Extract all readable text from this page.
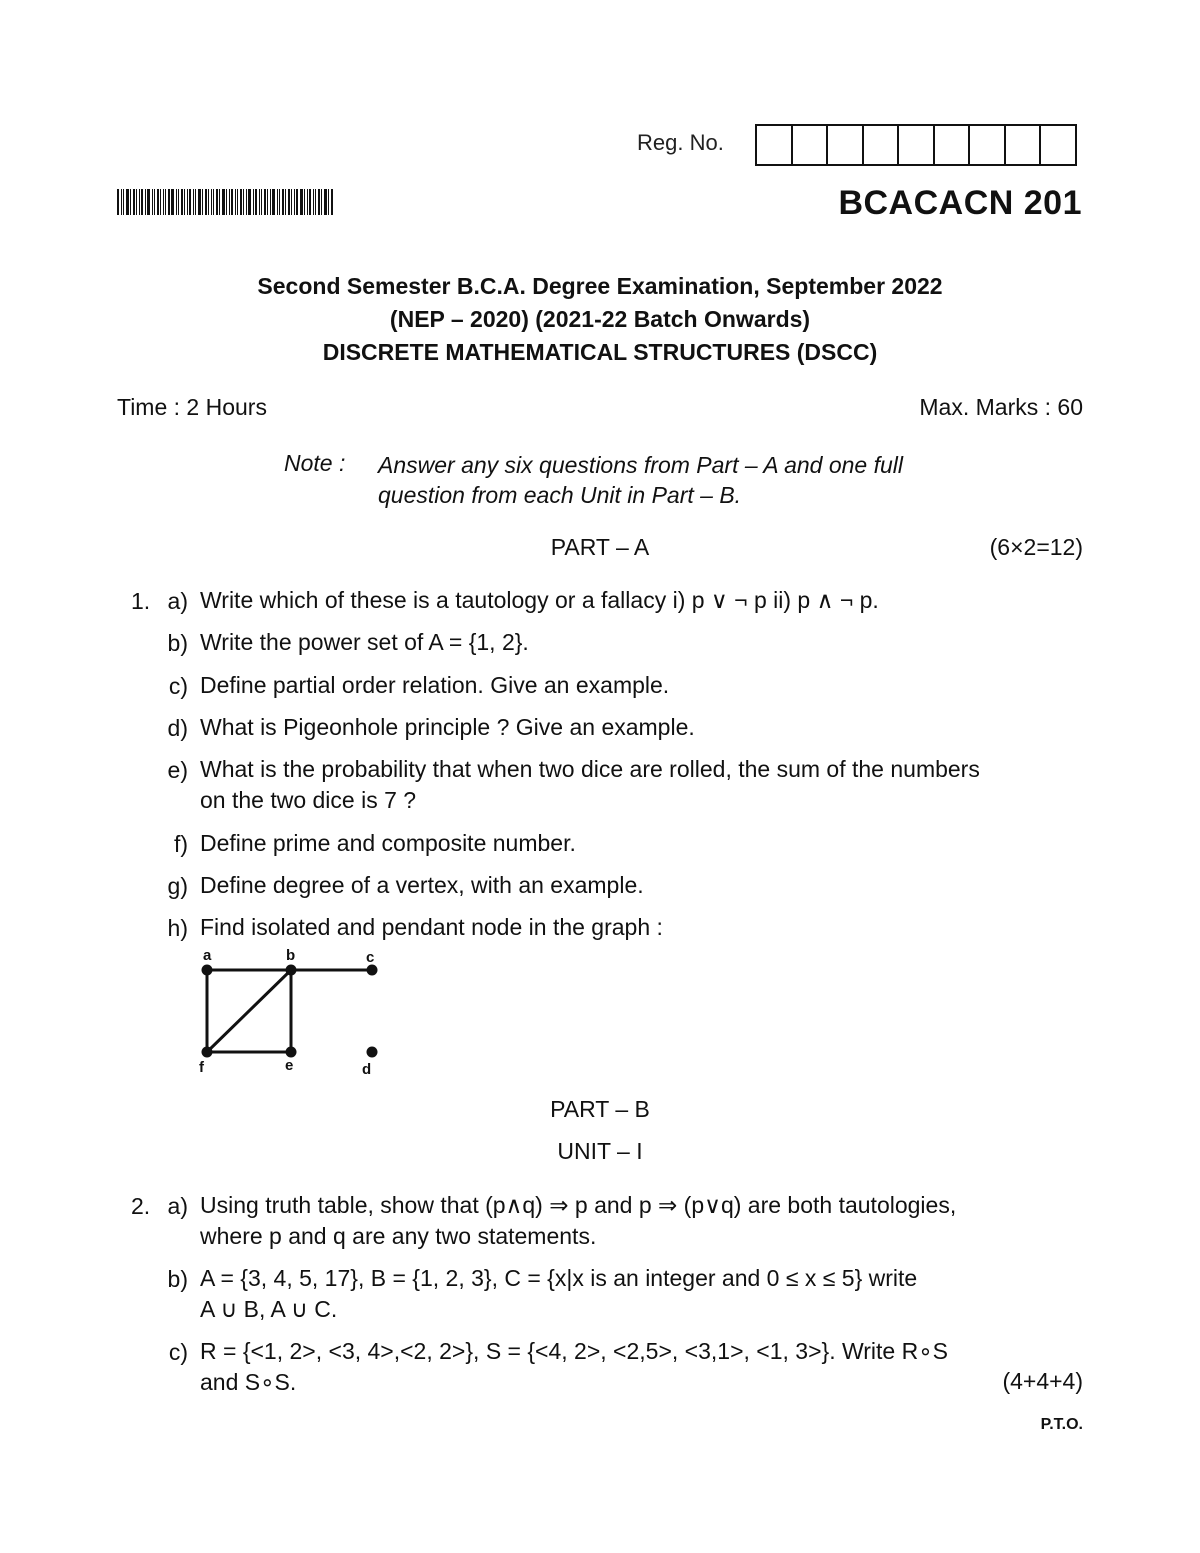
Reg. No.
BCACACN 201
Second Semester B.C.A. Degree Examination, September 2022
(NEP – 2020) (2021-22 Batch Onwards)
DISCRETE MATHEMATICAL STRUCTURES (DSCC)
Time : 2 Hours	Max. Marks : 60
Note : Answer any six questions from Part – A and one full
question from each Unit in Part – B.
PART – A	(6×2=12)
1. a) Write which of these is a tautology or a fallacy i) p ∨ ¬ p ii) p ∧ ¬ p.
b) Write the power set of A = {1, 2}.
c) Define partial order relation. Give an example.
d) What is Pigeonhole principle ? Give an example.
e) What is the probability that when two dice are rolled, the sum of the numbers
on the two dice is 7 ?
f) Define prime and composite number.
g) Define degree of a vertex, with an example.
h) Find isolated and pendant node in the graph :
a	b	c
d
e
f
PART – B
UNIT – I
2. a) Using truth table, show that (p∧q) ⇒ p and p ⇒ (p∨q) are both tautologies,
where p and q are any two statements.
b) A = {3, 4, 5, 17}, B = {1, 2, 3}, C = {x|x is an integer and 0 ≤ x ≤ 5} write
A ∪ B, A ∪ C.
c) R = {<1, 2>, <3, 4>,<2, 2>}, S = {<4, 2>, <2,5>, <3,1>, <1, 3>}. Write R∘S
and S∘S.	(4+4+4)
P.T.O.
